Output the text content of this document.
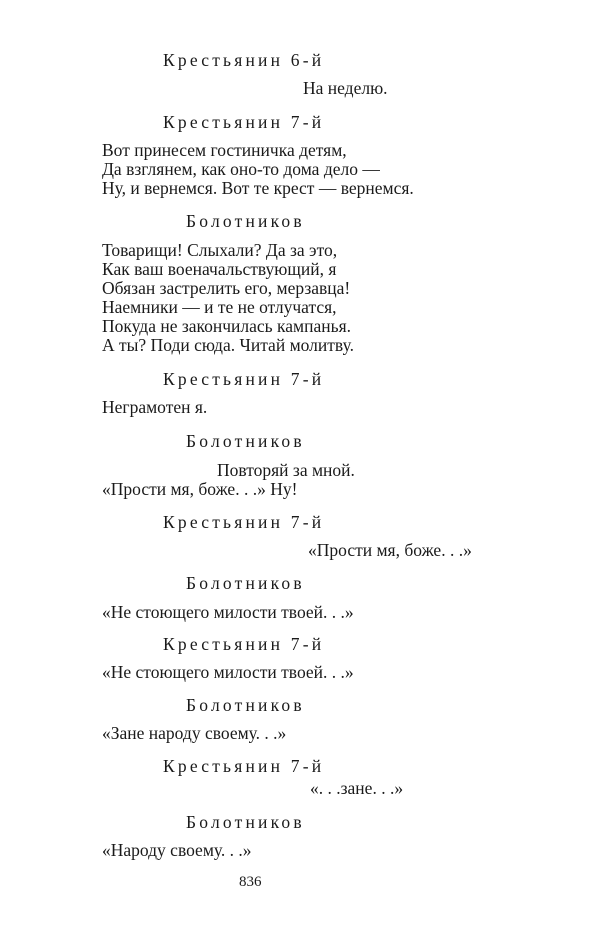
Крестьянин 6-й
На неделю.
Крестьянин 7-й
Вот принесем гостиничка детям,
Да взглянем, как оно-то дома дело —
Ну, и вернемся. Вот те крест — вернемся.
Болотников
Товарищи! Слыхали? Да за это,
Как ваш военачальствующий, я
Обязан застрелить его, мерзавца!
Наемники — и те не отлучатся,
Покуда не закончилась кампанья.
А ты? Поди сюда. Читай молитву.
Крестьянин 7-й
Неграмотен я.
Болотников
Повторяй за мной.
«Прости мя, боже. . .» Ну!
Крестьянин 7-й
«Прости мя, боже. . .»
Болотников
«Не стоющего милости твоей. . .»
Крестьянин 7-й
«Не стоющего милости твоей. . .»
Болотников
«Зане народу своему. . .»
Крестьянин 7-й
«. . .зане. . .»
Болотников
«Народу своему. . .»
836
